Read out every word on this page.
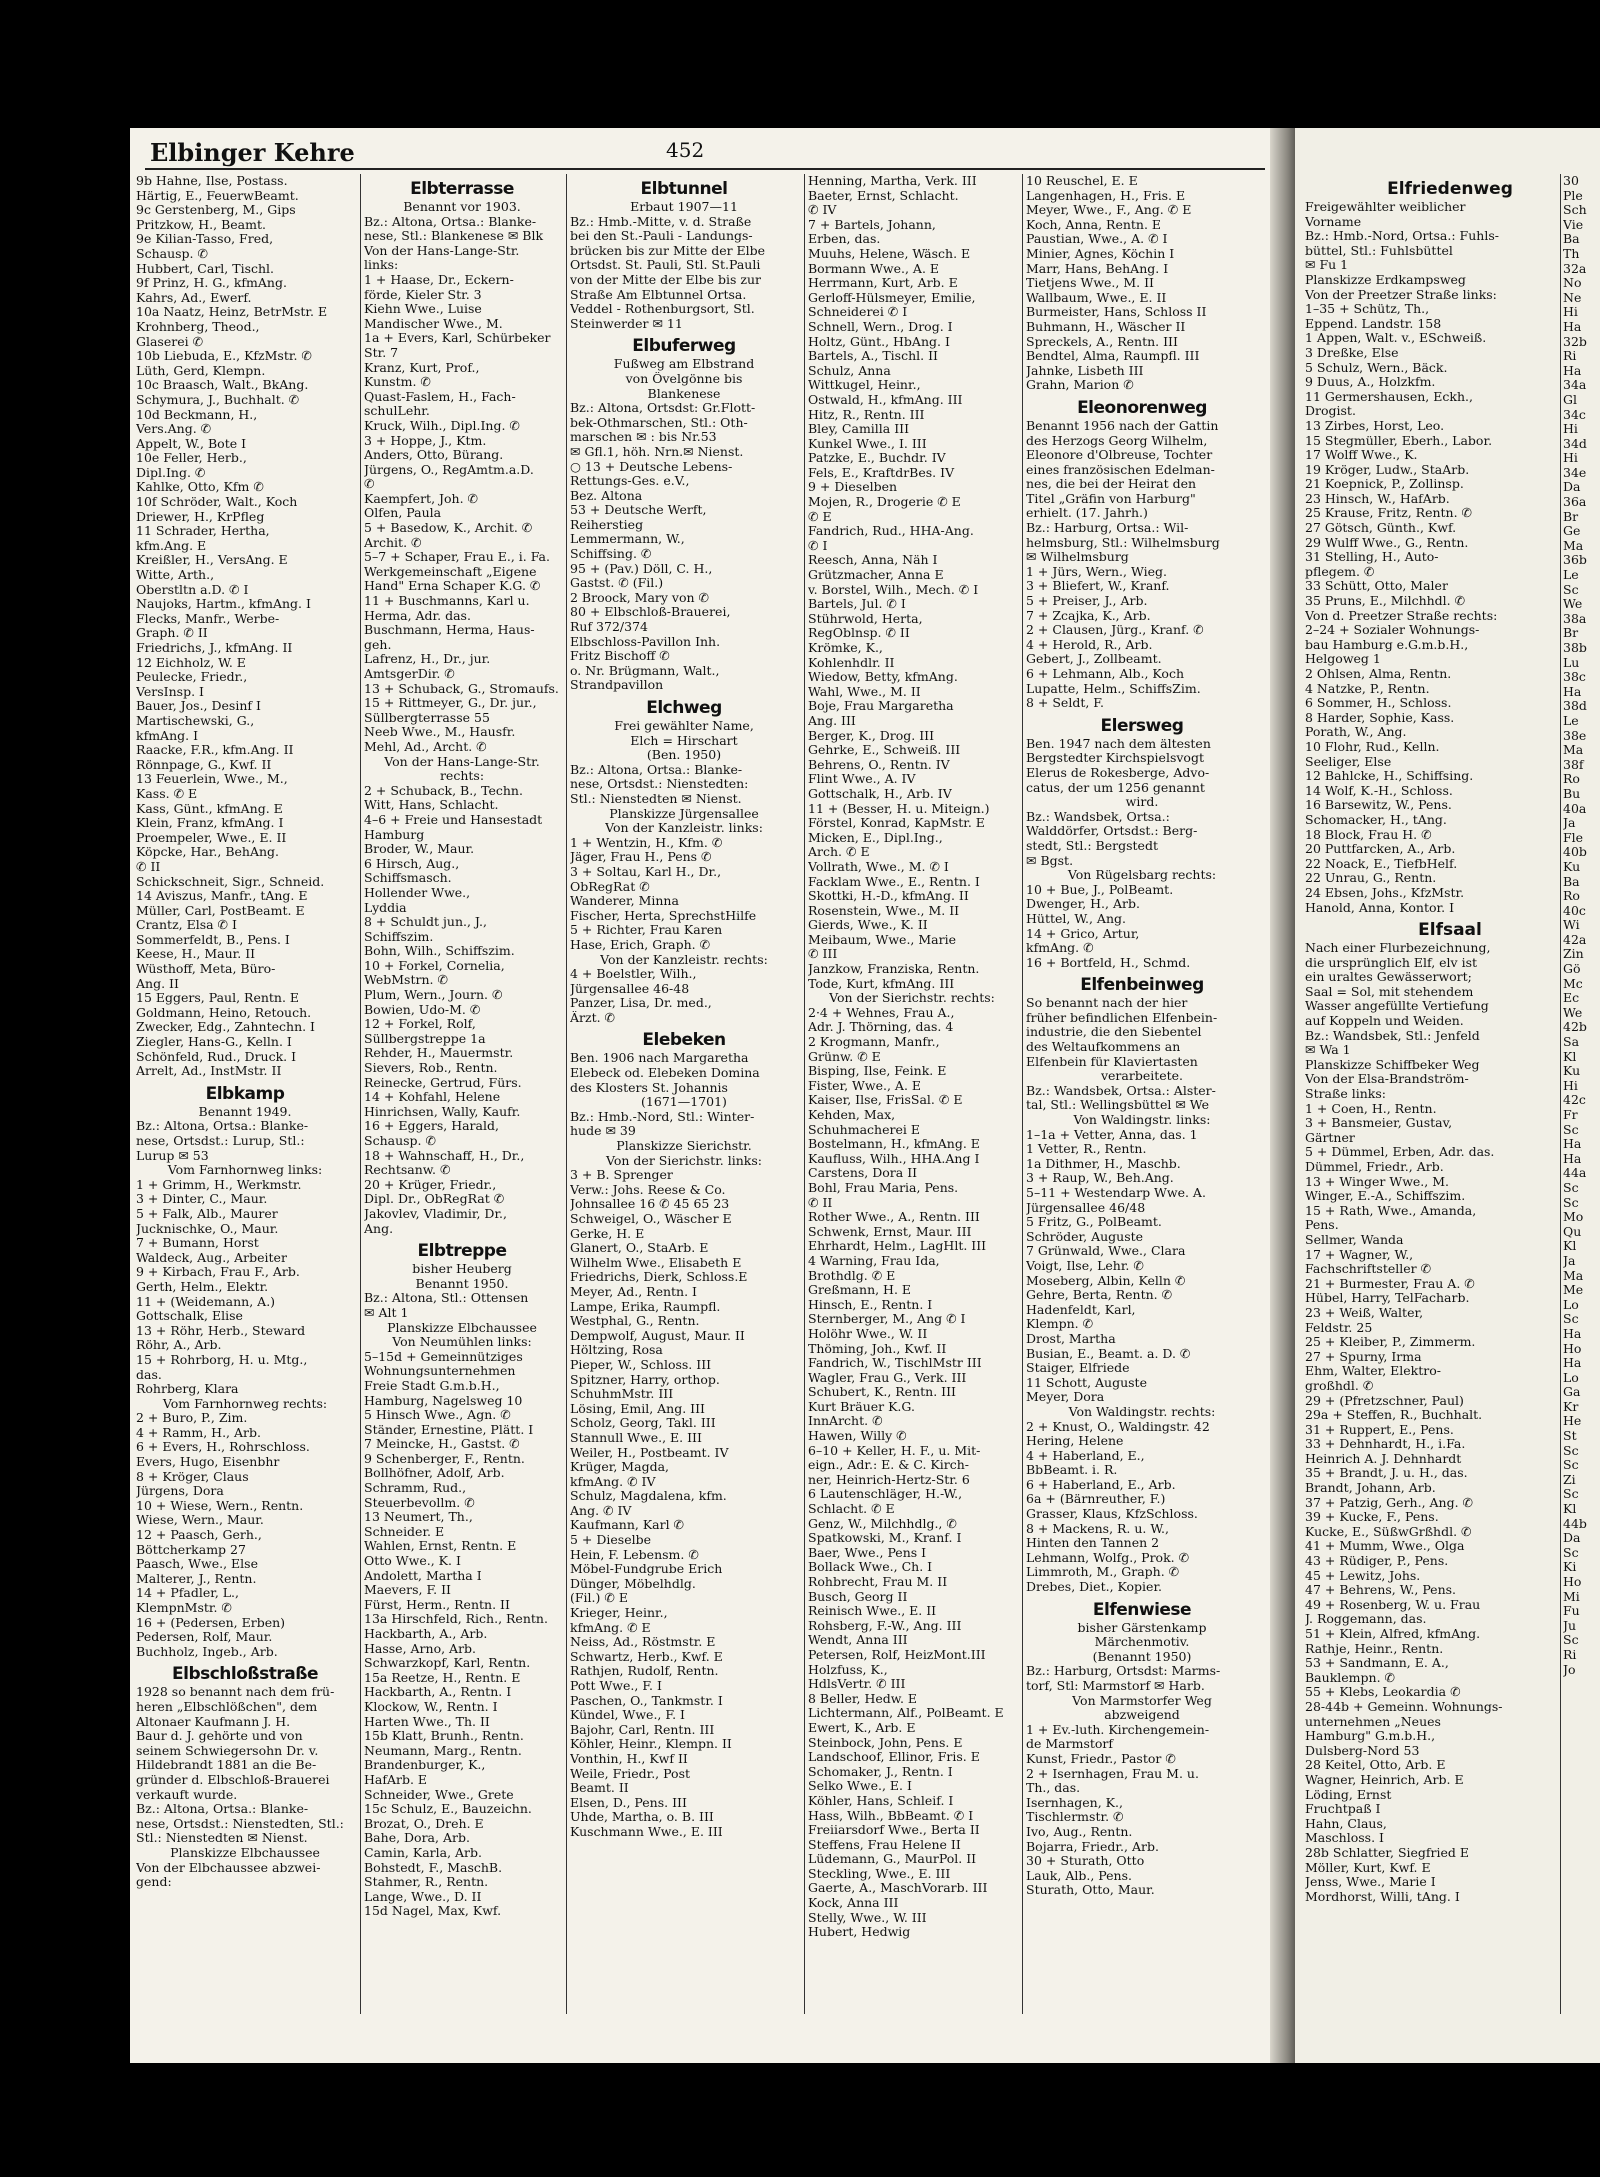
Elbinger Kehre	452
9b Hahne, Ilse, Postass.
Härtig, E., FeuerwBeamt.
9c Gerstenberg, M., Gips
Pritzkow, H., Beamt.
9e Kilian-Tasso, Fred,
Schausp. ✆
Hubbert, Carl, Tischl.
9f Prinz, H. G., kfmAng.
Kahrs, Ad., Ewerf.
10a Naatz, Heinz, BetrMstr. E
Krohnberg, Theod.,
Glaserei ✆
10b Liebuda, E., KfzMstr. ✆
Lüth, Gerd, Klempn.
10c Braasch, Walt., BkAng.
Schymura, J., Buchhalt. ✆
10d Beckmann, H.,
Vers.Ang. ✆
Appelt, W., Bote I
10e Feller, Herb.,
Dipl.Ing. ✆
Kahlke, Otto, Kfm ✆
10f Schröder, Walt., Koch
Driewer, H., KrPfleg
11 Schrader, Hertha,
kfm.Ang. E
Kreißler, H., VersAng. E
Witte, Arth.,
Oberstltn a.D. ✆ I
Naujoks, Hartm., kfmAng. I
Flecks, Manfr., Werbe-
Graph. ✆ II
Friedrichs, J., kfmAng. II
12 Eichholz, W. E
Peulecke, Friedr.,
VersInsp. I
Bauer, Jos., Desinf I
Martischewski, G.,
kfmAng. I
Raacke, F.R., kfm.Ang. II
Rönnpage, G., Kwf. II
13 Feuerlein, Wwe., M.,
Kass. ✆ E
Kass, Günt., kfmAng. E
Klein, Franz, kfmAng. I
Proempeler, Wwe., E. II
Köpcke, Har., BehAng.
✆ II
Schickschneit, Sigr., Schneid.
14 Aviszus, Manfr., tAng. E
Müller, Carl, PostBeamt. E
Crantz, Elsa ✆ I
Sommerfeldt, B., Pens. I
Keese, H., Maur. II
Wüsthoff, Meta, Büro-
Ang. II
15 Eggers, Paul, Rentn. E
Goldmann, Heino, Retouch.
Zwecker, Edg., Zahntechn. I
Ziegler, Hans-G., Kelln. I
Schönfeld, Rud., Druck. I
Arrelt, Ad., InstMstr. II
Elbkamp
Benannt 1949.
Bz.: Altona, Ortsa.: Blanke-
nese, Ortsdst.: Lurup, Stl.:
Lurup ✉ 53
Vom Farnhornweg links:
1 + Grimm, H., Werkmstr.
3 + Dinter, C., Maur.
5 + Falk, Alb., Maurer
Jucknischke, O., Maur.
7 + Bumann, Horst
Waldeck, Aug., Arbeiter
9 + Kirbach, Frau F., Arb.
Gerth, Helm., Elektr.
11 + (Weidemann, A.)
Gottschalk, Elise
13 + Röhr, Herb., Steward
Röhr, A., Arb.
15 + Rohrborg, H. u. Mtg.,
das.
Rohrberg, Klara
Vom Farnhornweg rechts:
2 + Buro, P., Zim.
4 + Ramm, H., Arb.
6 + Evers, H., Rohrschloss.
Evers, Hugo, Eisenbhr
8 + Kröger, Claus
Jürgens, Dora
10 + Wiese, Wern., Rentn.
Wiese, Wern., Maur.
12 + Paasch, Gerh.,
Böttcherkamp 27
Paasch, Wwe., Else
Malterer, J., Rentn.
14 + Pfadler, L.,
KlempnMstr. ✆
16 + (Pedersen, Erben)
Pedersen, Rolf, Maur.
Buchholz, Ingeb., Arb.
Elbschloßstraße
1928 so benannt nach dem frü-
heren „Elbschlößchen", dem
Altonaer Kaufmann J. H.
Baur d. J. gehörte und von
seinem Schwiegersohn Dr. v.
Hildebrandt 1881 an die Be-
gründer d. Elbschloß-Brauerei
verkauft wurde.
Bz.: Altona, Ortsa.: Blanke-
nese, Ortsdst.: Nienstedten, Stl.:
Stl.: Nienstedten ✉ Nienst.
Planskizze Elbchaussee
Von der Elbchaussee abzwei-
gend:
Elbterrasse
Benannt vor 1903.
Bz.: Altona, Ortsa.: Blanke-
nese, Stl.: Blankenese ✉ Blk
Von der Hans-Lange-Str.
links:
1 + Haase, Dr., Eckern-
förde, Kieler Str. 3
Kiehn Wwe., Luise
Mandischer Wwe., M.
1a + Evers, Karl, Schürbeker
Str. 7
Kranz, Kurt, Prof.,
Kunstm. ✆
Quast-Faslem, H., Fach-
schulLehr.
Kruck, Wilh., Dipl.Ing. ✆
3 + Hoppe, J., Ktm.
Anders, Otto, Bürang.
Jürgens, O., RegAmtm.a.D.
✆
Kaempfert, Joh. ✆
Olfen, Paula
5 + Basedow, K., Archit. ✆
Archit. ✆
5–7 + Schaper, Frau E., i. Fa.
Werkgemeinschaft „Eigene
Hand" Erna Schaper K.G. ✆
11 + Buschmanns, Karl u.
Herma, Adr. das.
Buschmann, Herma, Haus-
geh.
Lafrenz, H., Dr., jur.
AmtsgerDir. ✆
13 + Schuback, G., Stromaufs.
15 + Rittmeyer, G., Dr. jur.,
Süllbergterrasse 55
Neeb Wwe., M., Hausfr.
Mehl, Ad., Archt. ✆
Von der Hans-Lange-Str.
rechts:
2 + Schuback, B., Techn.
Witt, Hans, Schlacht.
4–6 + Freie und Hansestadt
Hamburg
Broder, W., Maur.
6 Hirsch, Aug.,
Schiffsmasch.
Hollender Wwe.,
Lyddia
8 + Schuldt jun., J.,
Schiffszim.
Bohn, Wilh., Schiffszim.
10 + Forkel, Cornelia,
WebMstrn. ✆
Plum, Wern., Journ. ✆
Bowien, Udo-M. ✆
12 + Forkel, Rolf,
Süllbergstreppe 1a
Rehder, H., Mauermstr.
Sievers, Rob., Rentn.
Reinecke, Gertrud, Fürs.
14 + Kohfahl, Helene
Hinrichsen, Wally, Kaufr.
16 + Eggers, Harald,
Schausp. ✆
18 + Wahnschaff, H., Dr.,
Rechtsanw. ✆
20 + Krüger, Friedr.,
Dipl. Dr., ObRegRat ✆
Jakovlev, Vladimir, Dr.,
Ang.
Elbtreppe
bisher Heuberg
Benannt 1950.
Bz.: Altona, Stl.: Ottensen
✉ Alt 1
Planskizze Elbchaussee
Von Neumühlen links:
5–15d + Gemeinnütziges
Wohnungsunternehmen
Freie Stadt G.m.b.H.,
Hamburg, Nagelsweg 10
5 Hinsch Wwe., Agn. ✆
Ständer, Ernestine, Plätt. I
7 Meincke, H., Gastst. ✆
9 Schenberger, F., Rentn.
Bollhöfner, Adolf, Arb.
Schramm, Rud.,
Steuerbevollm. ✆
13 Neumert, Th.,
Schneider. E
Wahlen, Ernst, Rentn. E
Otto Wwe., K. I
Andolett, Martha I
Maevers, F. II
Fürst, Herm., Rentn. II
13a Hirschfeld, Rich., Rentn.
Hackbarth, A., Arb.
Hasse, Arno, Arb.
Schwarzkopf, Karl, Rentn.
15a Reetze, H., Rentn. E
Hackbarth, A., Rentn. I
Klockow, W., Rentn. I
Harten Wwe., Th. II
15b Klatt, Brunh., Rentn.
Neumann, Marg., Rentn.
Brandenburger, K.,
HafArb. E
Schneider, Wwe., Grete
15c Schulz, E., Bauzeichn.
Brozat, O., Dreh. E
Bahe, Dora, Arb.
Camin, Karla, Arb.
Bohstedt, F., MaschB.
Stahmer, R., Rentn.
Lange, Wwe., D. II
15d Nagel, Max, Kwf.
Elbtunnel
Erbaut 1907—11
Bz.: Hmb.-Mitte, v. d. Straße
bei den St.-Pauli - Landungs-
brücken bis zur Mitte der Elbe
Ortsdst. St. Pauli, Stl. St.Pauli
von der Mitte der Elbe bis zur
Straße Am Elbtunnel Ortsa.
Veddel - Rothenburgsort, Stl.
Steinwerder ✉ 11
Elbuferweg
Fußweg am Elbstrand
von Övelgönne bis
Blankenese
Bz.: Altona, Ortsdst: Gr.Flott-
bek-Othmarschen, Stl.: Oth-
marschen ✉ : bis Nr.53
✉ Gfl.1, höh. Nrn.✉ Nienst.
○ 13 + Deutsche Lebens-
Rettungs-Ges. e.V.,
Bez. Altona
53 + Deutsche Werft,
Reiherstieg
Lemmermann, W.,
Schiffsing. ✆
95 + (Pav.) Döll, C. H.,
Gastst. ✆ (Fil.)
2 Broock, Mary von ✆
80 + Elbschloß-Brauerei,
Ruf 372/374
Elbschloss-Pavillon Inh.
Fritz Bischoff ✆
o. Nr. Brügmann, Walt.,
Strandpavillon
Elchweg
Frei gewählter Name,
Elch = Hirschart
(Ben. 1950)
Bz.: Altona, Ortsa.: Blanke-
nese, Ortsdst.: Nienstedten:
Stl.: Nienstedten ✉ Nienst.
Planskizze Jürgensallee
Von der Kanzleistr. links:
1 + Wentzin, H., Kfm. ✆
Jäger, Frau H., Pens ✆
3 + Soltau, Karl H., Dr.,
ObRegRat ✆
Wanderer, Minna
Fischer, Herta, SprechstHilfe
5 + Richter, Frau Karen
Hase, Erich, Graph. ✆
Von der Kanzleistr. rechts:
4 + Boelstler, Wilh.,
Jürgensallee 46-48
Panzer, Lisa, Dr. med.,
Ärzt. ✆
Elebeken
Ben. 1906 nach Margaretha
Elebeck od. Elebeken Domina
des Klosters St. Johannis
(1671—1701)
Bz.: Hmb.-Nord, Stl.: Winter-
hude ✉ 39
Planskizze Sierichstr.
Von der Sierichstr. links:
3 + B. Sprenger
Verw.: Johs. Reese & Co.
Johnsallee 16 ✆ 45 65 23
Schweigel, O., Wäscher E
Gerke, H. E
Glanert, O., StaArb. E
Wilhelm Wwe., Elisabeth E
Friedrichs, Dierk, Schloss.E
Meyer, Ad., Rentn. I
Lampe, Erika, Raumpfl.
Westphal, G., Rentn.
Dempwolf, August, Maur. II
Höltzing, Rosa
Pieper, W., Schloss. III
Spitzner, Harry, orthop.
SchuhmMstr. III
Lösing, Emil, Ang. III
Scholz, Georg, Takl. III
Stannull Wwe., E. III
Weiler, H., Postbeamt. IV
Krüger, Magda,
kfmAng. ✆ IV
Schulz, Magdalena, kfm.
Ang. ✆ IV
Kaufmann, Karl ✆
5 + Dieselbe
Hein, F. Lebensm. ✆
Möbel-Fundgrube Erich
Dünger, Möbelhdlg.
(Fil.) ✆ E
Krieger, Heinr.,
kfmAng. ✆ E
Neiss, Ad., Röstmstr. E
Schwartz, Herb., Kwf. E
Rathjen, Rudolf, Rentn.
Pott Wwe., F. I
Paschen, O., Tankmstr. I
Kündel, Wwe., F. I
Bajohr, Carl, Rentn. III
Köhler, Heinr., Klempn. II
Vonthin, H., Kwf II
Weile, Friedr., Post
Beamt. II
Elsen, D., Pens. III
Uhde, Martha, o. B. III
Kuschmann Wwe., E. III
Henning, Martha, Verk. III
Baeter, Ernst, Schlacht.
✆ IV
7 + Bartels, Johann,
Erben, das.
Muuhs, Helene, Wäsch. E
Bormann Wwe., A. E
Herrmann, Kurt, Arb. E
Gerloff-Hülsmeyer, Emilie,
Schneiderei ✆ I
Schnell, Wern., Drog. I
Holtz, Günt., HbAng. I
Bartels, A., Tischl. II
Schulz, Anna
Wittkugel, Heinr.,
Ostwald, H., kfmAng. III
Hitz, R., Rentn. III
Bley, Camilla III
Kunkel Wwe., I. III
Patzke, E., Buchdr. IV
Fels, E., KraftdrBes. IV
9 + Dieselben
Mojen, R., Drogerie ✆ E
✆ E
Fandrich, Rud., HHA-Ang.
✆ I
Reesch, Anna, Näh I
Grützmacher, Anna E
v. Borstel, Wilh., Mech. ✆ I
Bartels, Jul. ✆ I
Stührwold, Herta,
RegOblnsp. ✆ II
Krömke, K.,
Kohlenhdlr. II
Wiedow, Betty, kfmAng.
Wahl, Wwe., M. II
Boje, Frau Margaretha
Ang. III
Berger, K., Drog. III
Gehrke, E., Schweiß. III
Behrens, O., Rentn. IV
Flint Wwe., A. IV
Gottschalk, H., Arb. IV
11 + (Besser, H. u. Miteign.)
Förstel, Konrad, KapMstr. E
Micken, E., Dipl.Ing.,
Arch. ✆ E
Vollrath, Wwe., M. ✆ I
Facklam Wwe., E., Rentn. I
Skottki, H.-D., kfmAng. II
Rosenstein, Wwe., M. II
Gierds, Wwe., K. II
Meibaum, Wwe., Marie
✆ III
Janzkow, Franziska, Rentn.
Tode, Kurt, kfmAng. III
Von der Sierichstr. rechts:
2·4 + Wehnes, Frau A.,
Adr. J. Thörning, das. 4
2 Krogmann, Manfr.,
Grünw. ✆ E
Bisping, Ilse, Feink. E
Fister, Wwe., A. E
Kaiser, Ilse, FrisSal. ✆ E
Kehden, Max,
Schuhmacherei E
Bostelmann, H., kfmAng. E
Kaufluss, Wilh., HHA.Ang I
Carstens, Dora II
Bohl, Frau Maria, Pens.
✆ II
Rother Wwe., A., Rentn. III
Schwenk, Ernst, Maur. III
Ehrhardt, Helm., LagHlt. III
4 Warning, Frau Ida,
Brothdlg. ✆ E
Greßmann, H. E
Hinsch, E., Rentn. I
Sternberger, M., Ang ✆ I
Holöhr Wwe., W. II
Thöming, Joh., Kwf. II
Fandrich, W., TischlMstr III
Wagler, Frau G., Verk. III
Schubert, K., Rentn. III
Kurt Bräuer K.G.
InnArcht. ✆
Hawen, Willy ✆
6–10 + Keller, H. F., u. Mit-
eign., Adr.: E. & C. Kirch-
ner, Heinrich-Hertz-Str. 6
6 Lautenschläger, H.-W.,
Schlacht. ✆ E
Genz, W., Milchhdlg., ✆
Spatkowski, M., Kranf. I
Baer, Wwe., Pens I
Bollack Wwe., Ch. I
Rohbrecht, Frau M. II
Busch, Georg II
Reinisch Wwe., E. II
Rohsberg, F.-W., Ang. III
Wendt, Anna III
Petersen, Rolf, HeizMont.III
Holzfuss, K.,
HdlsVertr. ✆ III
8 Beller, Hedw. E
Lichtermann, Alf., PolBeamt. E
Ewert, K., Arb. E
Steinbock, John, Pens. E
Landschoof, Ellinor, Fris. E
Schomaker, J., Rentn. I
Selko Wwe., E. I
Köhler, Hans, Schleif. I
Hass, Wilh., BbBeamt. ✆ I
Freiiarsdorf Wwe., Berta II
Steffens, Frau Helene II
Lüdemann, G., MaurPol. II
Steckling, Wwe., E. III
Gaerte, A., MaschVorarb. III
Kock, Anna III
Stelly, Wwe., W. III
Hubert, Hedwig
10 Reuschel, E. E
Langenhagen, H., Fris. E
Meyer, Wwe., F., Ang. ✆ E
Koch, Anna, Rentn. E
Paustian, Wwe., A. ✆ I
Minier, Agnes, Köchin I
Marr, Hans, BehAng. I
Tietjens Wwe., M. II
Wallbaum, Wwe., E. II
Burmeister, Hans, Schloss II
Buhmann, H., Wäscher II
Spreckels, A., Rentn. III
Bendtel, Alma, Raumpfl. III
Jahnke, Lisbeth III
Grahn, Marion ✆
Eleonorenweg
Benannt 1956 nach der Gattin
des Herzogs Georg Wilhelm,
Eleonore d'Olbreuse, Tochter
eines französischen Edelman-
nes, die bei der Heirat den
Titel „Gräfin von Harburg"
erhielt. (17. Jahrh.)
Bz.: Harburg, Ortsa.: Wil-
helmsburg, Stl.: Wilhelmsburg
✉ Wilhelmsburg
1 + Jürs, Wern., Wieg.
3 + Bliefert, W., Kranf.
5 + Preiser, J., Arb.
7 + Zcajka, K., Arb.
2 + Clausen, Jürg., Kranf. ✆
4 + Herold, R., Arb.
Gebert, J., Zollbeamt.
6 + Lehmann, Alb., Koch
Lupatte, Helm., SchiffsZim.
8 + Seldt, F.
Elersweg
Ben. 1947 nach dem ältesten
Bergstedter Kirchspielsvogt
Elerus de Rokesberge, Advo-
catus, der um 1256 genannt
wird.
Bz.: Wandsbek, Ortsa.:
Walddörfer, Ortsdst.: Berg-
stedt, Stl.: Bergstedt
✉ Bgst.
Von Rügelsbarg rechts:
10 + Bue, J., PolBeamt.
Dwenger, H., Arb.
Hüttel, W., Ang.
14 + Grico, Artur,
kfmAng. ✆
16 + Bortfeld, H., Schmd.
Elfenbeinweg
So benannt nach der hier
früher befindlichen Elfenbein-
industrie, die den Siebentel
des Weltaufkommens an
Elfenbein für Klaviertasten
verarbeitete.
Bz.: Wandsbek, Ortsa.: Alster-
tal, Stl.: Wellingsbüttel ✉ We
Von Waldingstr. links:
1–1a + Vetter, Anna, das. 1
1 Vetter, R., Rentn.
1a Dithmer, H., Maschb.
3 + Raup, W., Beh.Ang.
5–11 + Westendarp Wwe. A.
Jürgensallee 46/48
5 Fritz, G., PolBeamt.
Schröder, Auguste
7 Grünwald, Wwe., Clara
Voigt, Ilse, Lehr. ✆
Moseberg, Albin, Kelln ✆
Gehre, Berta, Rentn. ✆
Hadenfeldt, Karl,
Klempn. ✆
Drost, Martha
Busian, E., Beamt. a. D. ✆
Staiger, Elfriede
11 Schott, Auguste
Meyer, Dora
Von Waldingstr. rechts:
2 + Knust, O., Waldingstr. 42
Hering, Helene
4 + Haberland, E.,
BbBeamt. i. R.
6 + Haberland, E., Arb.
6a + (Bärnreuther, F.)
Grasser, Klaus, KfzSchloss.
8 + Mackens, R. u. W.,
Hinten den Tannen 2
Lehmann, Wolfg., Prok. ✆
Limmroth, M., Graph. ✆
Drebes, Diet., Kopier.
Elfenwiese
bisher Gärstenkamp
Märchenmotiv.
(Benannt 1950)
Bz.: Harburg, Ortsdst: Marms-
torf, Stl: Marmstorf ✉ Harb.
Von Marmstorfer Weg
abzweigend
1 + Ev.-luth. Kirchengemein-
de Marmstorf
Kunst, Friedr., Pastor ✆
2 + Isernhagen, Frau M. u.
Th., das.
Isernhagen, K.,
Tischlermstr. ✆
Ivo, Aug., Rentn.
Bojarra, Friedr., Arb.
30 + Sturath, Otto
Lauk, Alb., Pens.
Sturath, Otto, Maur.
Elfriedenweg
Freigewählter weiblicher
Vorname
Bz.: Hmb.-Nord, Ortsa.: Fuhls-
büttel, Stl.: Fuhlsbüttel
✉ Fu 1
Planskizze Erdkampsweg
Von der Preetzer Straße links:
1–35 + Schütz, Th.,
Eppend. Landstr. 158
1 Appen, Walt. v., ESchweiß.
3 Dreßke, Else
5 Schulz, Wern., Bäck.
9 Duus, A., Holzkfm.
11 Germershausen, Eckh.,
Drogist.
13 Zirbes, Horst, Leo.
15 Stegmüller, Eberh., Labor.
17 Wolff Wwe., K.
19 Kröger, Ludw., StaArb.
21 Koepnick, P., Zollinsp.
23 Hinsch, W., HafArb.
25 Krause, Fritz, Rentn. ✆
27 Götsch, Günth., Kwf.
29 Wulff Wwe., G., Rentn.
31 Stelling, H., Auto-
pflegem. ✆
33 Schütt, Otto, Maler
35 Pruns, E., Milchhdl. ✆
Von d. Preetzer Straße rechts:
2–24 + Sozialer Wohnungs-
bau Hamburg e.G.m.b.H.,
Helgoweg 1
2 Ohlsen, Alma, Rentn.
4 Natzke, P., Rentn.
6 Sommer, H., Schloss.
8 Harder, Sophie, Kass.
Porath, W., Ang.
10 Flohr, Rud., Kelln.
Seeliger, Else
12 Bahlcke, H., Schiffsing.
14 Wolf, K.-H., Schloss.
16 Barsewitz, W., Pens.
Schomacker, H., tAng.
18 Block, Frau H. ✆
20 Puttfarcken, A., Arb.
22 Noack, E., TiefbHelf.
22 Unrau, G., Rentn.
24 Ebsen, Johs., KfzMstr.
Hanold, Anna, Kontor. I
Elfsaal
Nach einer Flurbezeichnung,
die ursprünglich Elf, elv ist
ein uraltes Gewässerwort;
Saal = Sol, mit stehendem
Wasser angefüllte Vertiefung
auf Koppeln und Weiden.
Bz.: Wandsbek, Stl.: Jenfeld
✉ Wa 1
Planskizze Schiffbeker Weg
Von der Elsa-Brandström-
Straße links:
1 + Coen, H., Rentn.
3 + Bansmeier, Gustav,
Gärtner
5 + Dümmel, Erben, Adr. das.
Dümmel, Friedr., Arb.
13 + Winger Wwe., M.
Winger, E.-A., Schiffszim.
15 + Rath, Wwe., Amanda,
Pens.
Sellmer, Wanda
17 + Wagner, W.,
Fachschriftsteller ✆
21 + Burmester, Frau A. ✆
Hübel, Harry, TelFacharb.
23 + Weiß, Walter,
Feldstr. 25
25 + Kleiber, P., Zimmerm.
27 + Spurny, Irma
Ehm, Walter, Elektro-
großhdl. ✆
29 + (Pfretzschner, Paul)
29a + Steffen, R., Buchhalt.
31 + Ruppert, E., Pens.
33 + Dehnhardt, H., i.Fa.
Heinrich A. J. Dehnhardt
35 + Brandt, J. u. H., das.
Brandt, Johann, Arb.
37 + Patzig, Gerh., Ang. ✆
39 + Kucke, F., Pens.
Kucke, E., SüßwGrßhdl. ✆
41 + Mumm, Wwe., Olga
43 + Rüdiger, P., Pens.
45 + Lewitz, Johs.
47 + Behrens, W., Pens.
49 + Rosenberg, W. u. Frau
J. Roggemann, das.
51 + Klein, Alfred, kfmAng.
Rathje, Heinr., Rentn.
53 + Sandmann, E. A.,
Bauklempn. ✆
55 + Klebs, Leokardia ✆
28-44b + Gemeinn. Wohnungs-
unternehmen „Neues
Hamburg" G.m.b.H.,
Dulsberg-Nord 53
28 Keitel, Otto, Arb. E
Wagner, Heinrich, Arb. E
Löding, Ernst
Fruchtpaß I
Hahn, Claus,
Maschloss. I
28b Schlatter, Siegfried E
Möller, Kurt, Kwf. E
Jenss, Wwe., Marie I
Mordhorst, Willi, tAng. I
30
Ple
Sch
Vie
Ba
Th
32a
No
Ne
Hi
Ha
32b
Ri
Ha
34a
Gl
34c
Hi
34d
Hi
34e
Da
36a
Br
Ge
Ma
36b
Le
Sc
We
38a
Br
38b
Lu
38c
Ha
38d
Le
38e
Ma
38f
Ro
Bu
40a
Ja
Fle
40b
Ku
Ba
Ro
40c
Wi
42a
Zin
Gö
Mc
Ec
We
42b
Sa
Kl
Ku
Hi
42c
Fr
Sc
Ha
Ha
44a
Sc
Sc
Mo
Qu
Kl
Ja
Ma
Me
Lo
Sc
Ha
Ho
Ha
Lo
Ga
Kr
He
St
Sc
Sc
Zi
Sc
Kl
44b
Da
Sc
Ki
Ho
Mi
Fu
Ju
Sc
Ri
Jo
